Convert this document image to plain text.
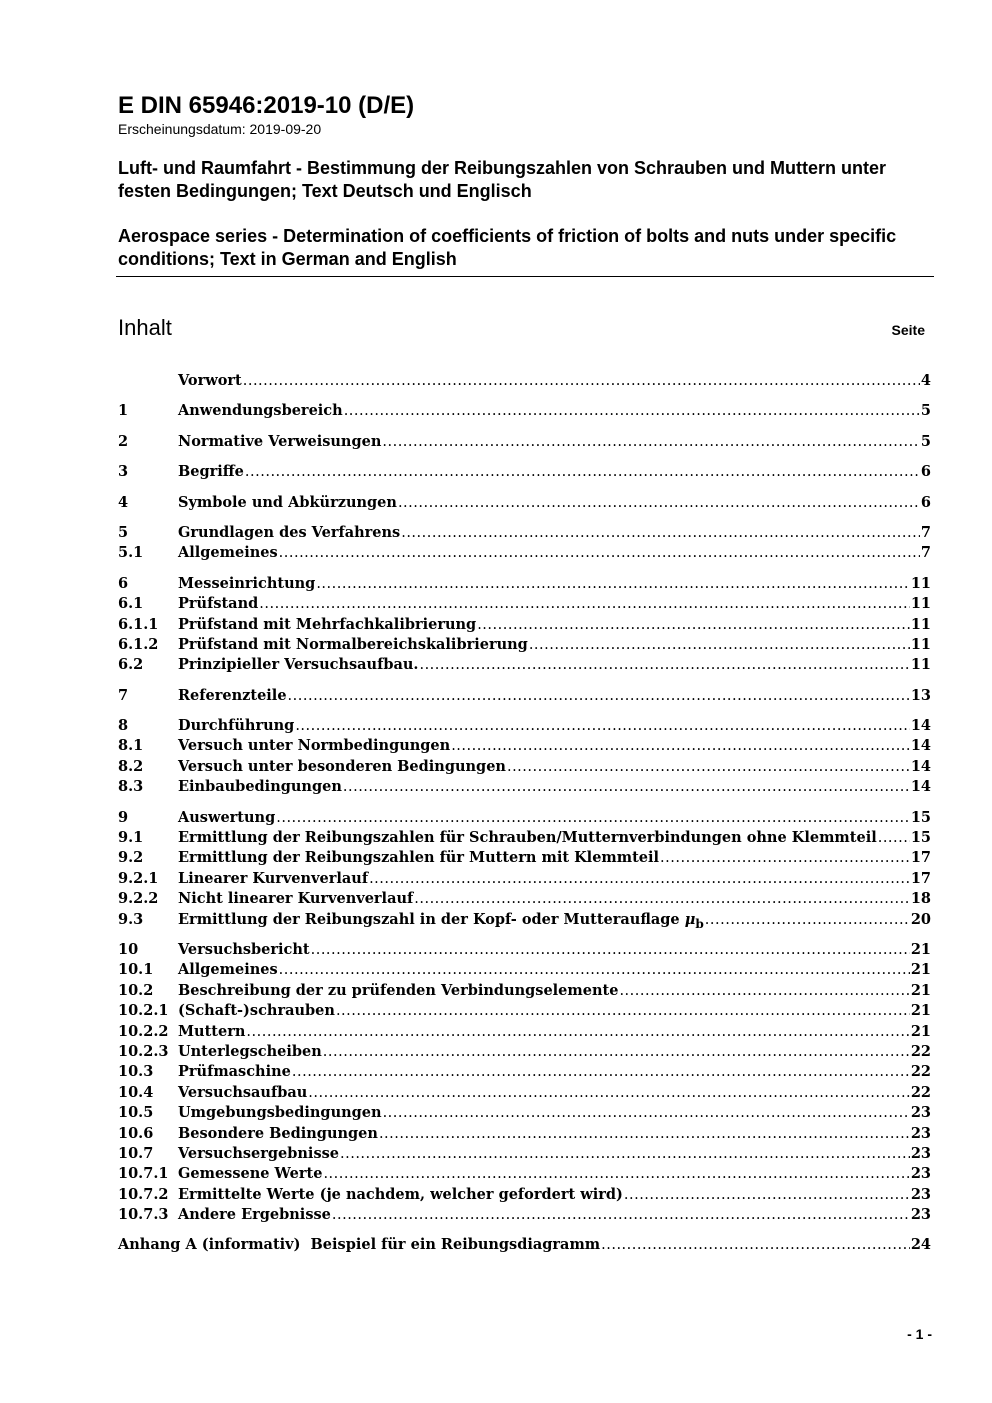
E DIN 65946:2019-10 (D/E)

Erscheinungsdatum: 2019-09-20

Luft- und Raumfahrt - Bestimmung der Reibungszahlen von Schrauben und Muttern unter festen Bedingungen; Text Deutsch und Englisch

Aerospace series - Determination of coefficients of friction of bolts and nuts under specific conditions; Text in German and English

Inhalt	Seite
Vorwort .....	4
1	Anwendungsbereich .....	5
2	Normative Verweisungen .....	5
3	Begriffe .....	6
4	Symbole und Abkürzungen .....	6
5	Grundlagen des Verfahrens .....	7
5.1	Allgemeines .....	7
6	Messeinrichtung .....	11
6.1	Prüfstand .....	11
6.1.1	Prüfstand mit Mehrfachkalibrierung .....	11
6.1.2	Prüfstand mit Normalbereichskalibrierung .....	11
6.2	Prinzipieller Versuchsaufbau. .....	11
7	Referenzteile .....	13
8	Durchführung .....	14
8.1	Versuch unter Normbedingungen .....	14
8.2	Versuch unter besonderen Bedingungen .....	14
8.3	Einbaubedingungen .....	14
9	Auswertung .....	15
9.1	Ermittlung der Reibungszahlen für Schrauben/Mutternverbindungen ohne Klemmteil ..... 15
9.2	Ermittlung der Reibungszahlen für Muttern mit Klemmteil .....	17
9.2.1	Linearer Kurvenverlauf .....	17
9.2.2	Nicht linearer Kurvenverlauf .....	18
9.3	Ermittlung der Reibungszahl in der Kopf- oder Mutterauflage $\mu_b$ .....	20
10	Versuchsbericht .....	21
10.1	Allgemeines .....	21
10.2	Beschreibung der zu prüfenden Verbindungselemente .....	21
10.2.1 (Schaft-)schrauben .....	21
10.2.2 Muttern .....	21
10.2.3 Unterlegscheiben .....	22
10.3	Prüfmaschine .....	22
10.4	Versuchsaufbau .....	22
10.5	Umgebungsbedingungen .....	23
10.6	Besondere Bedingungen .....	23
10.7	Versuchsergebnisse .....	23
10.7.1 Gemessene Werte .....	23
10.7.2 Ermittelte Werte (je nachdem, welcher gefordert wird) .....	23
10.7.3 Andere Ergebnisse .....	23
Anhang A (informativ)  Beispiel für ein Reibungsdiagramm .....	24
- 1 -
